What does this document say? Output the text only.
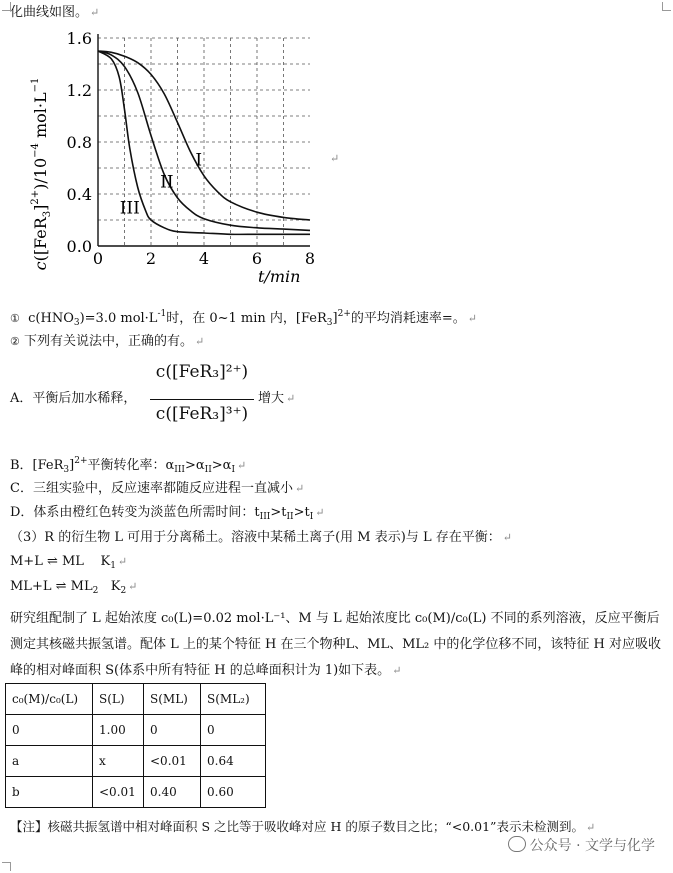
化曲线如图。 ↵
I
II
III
0	2	4	6	8
0.0
0.4
0.8
1.2
1.6
t/min
$c([FeR_3]^{2+})/10^{-4}$ $mol\cdot L^{-1}$
↵
① $c(HNO_3)=3.0$ $mol\cdot L^{-1}$时，在 0~1 min 内，$[FeR_3]^{2+}$的平均消耗速率=。 ↵
② 下列有关说法中，正确的有。 ↵
A．平衡后加水稀释，
c([FeR₃]²⁺)
c([FeR₃]³⁺)
增大 ↵
B．$[FeR_3]^{2+}$平衡转化率：$\alpha_{III}>\alpha_{II}>\alpha_I$ ↵
C．三组实验中，反应速率都随反应进程一直减小 ↵
D．体系由橙红色转变为淡蓝色所需时间：$t_{III}>t_{II}>t_I$ ↵
（3）R 的衍生物 L 可用于分离稀土。溶液中某稀土离子(用 M 表示)与 L 存在平衡： ↵
M+L ⇌ ML $K_1$ ↵
ML+L ⇌ $ML_2$ $K_2$ ↵
研究组配制了 L 起始浓度 c₀(L)=0.02 mol·L⁻¹、M 与 L 起始浓度比 c₀(M)/c₀(L) 不同的系列溶液，反应平衡后测定其核磁共振氢谱。配体 L 上的某个特征 H 在三个物种L、ML、ML₂ 中的化学位移不同，该特征 H 对应吸收峰的相对峰面积 S(体系中所有特征 H 的总峰面积计为 1)如下表。 ↵
c₀(M)/c₀(L)	S(L)	S(ML)	S(ML₂)
0	1.00	0	0
a	x	<0.01	0.64
b	<0.01	0.40	0.60
【注】核磁共振氢谱中相对峰面积 S 之比等于吸收峰对应 H 的原子数目之比；“<0.01”表示未检测到。 ↵
公众号 · 文学与化学
